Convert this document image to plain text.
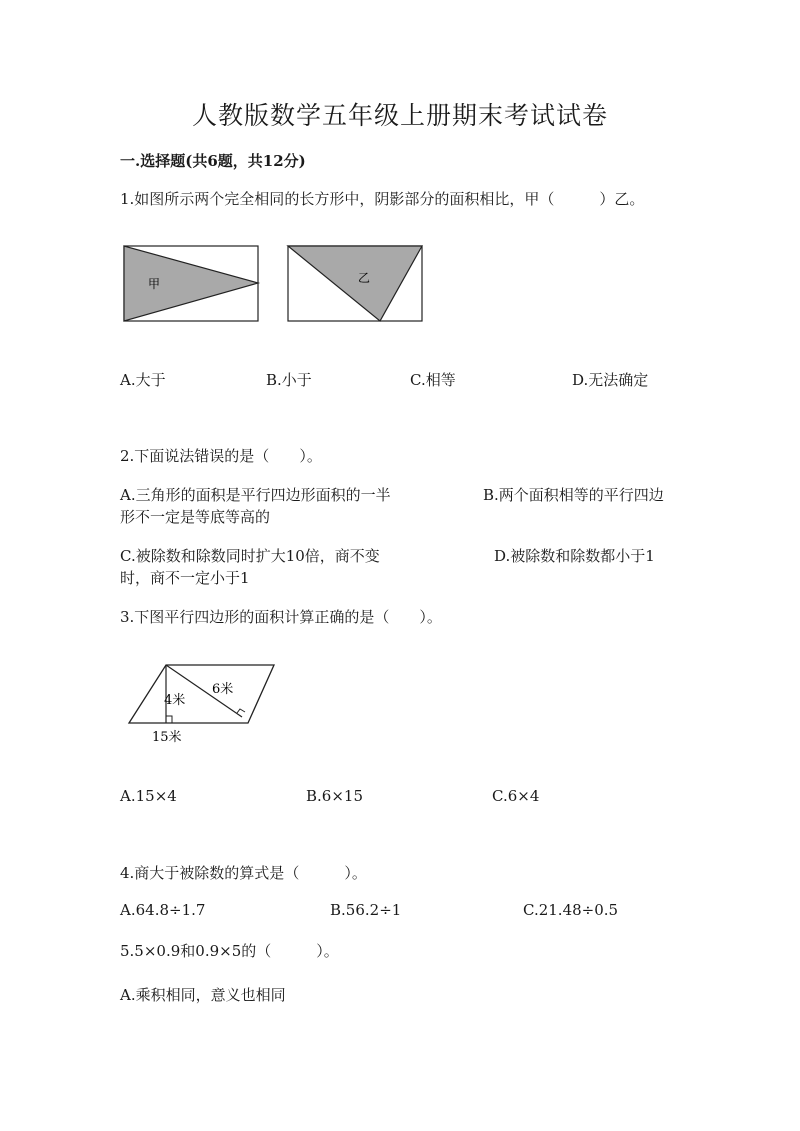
人教版数学五年级上册期末考试试卷
一.选择题(共6题，共12分)
1.如图所示两个完全相同的长方形中，阴影部分的面积相比，甲（　　　）乙。
甲	乙
A.大于	B.小于	C.相等	D.无法确定
2.下面说法错误的是（　　）。
A.三角形的面积是平行四边形面积的一半	B.两个面积相等的平行四边
形不一定是等底等高的
C.被除数和除数同时扩大10倍，商不变	D.被除数和除数都小于1
时，商不一定小于1
3.下图平行四边形的面积计算正确的是（　　）。
4米
6米
15米
A.15×4	B.6×15	C.6×4
4.商大于被除数的算式是（　　　）。
A.64.8÷1.7	B.56.2÷1	C.21.48÷0.5
5.5×0.9和0.9×5的（　　　）。
A.乘积相同，意义也相同
